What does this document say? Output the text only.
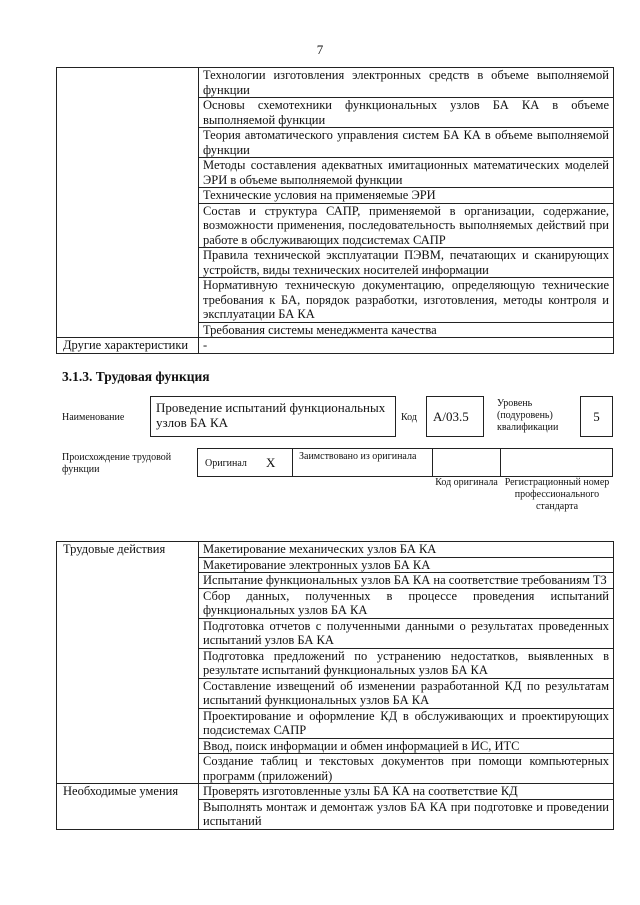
7
	Технологии изготовления электронных средств в объеме выполняемой функции
	Основы схемотехники функциональных узлов БА КА в объеме выполняемой функции
	Теория автоматического управления систем БА КА в объеме выполняемой функции
	Методы составления адекватных имитационных математических моделей ЭРИ в объеме выполняемой функции
	Технические условия на применяемые ЭРИ
	Состав и структура САПР, применяемой в организации, содержание, возможности применения, последовательность выполняемых действий при работе в обслуживающих подсистемах САПР
	Правила технической эксплуатации ПЭВМ, печатающих и сканирующих устройств, виды технических носителей информации
	Нормативную техническую документацию, определяющую технические требования к БА, порядок разработки, изготовления, методы контроля и эксплуатации БА КА
	Требования системы менеджмента качества
Другие характеристики	-
3.1.3. Трудовая функция
Наименование
Проведение испытаний функциональных узлов БА КА	Код А/03.5
Уровень (подуровень) квалификации
5
Происхождение трудовой функции
Оригинал X Заимствовано из оригинала
Код оригинала Регистрационный номер профессионального стандарта
Трудовые действия	Макетирование механических узлов БА КА
	Макетирование электронных узлов БА КА
	Испытание функциональных узлов БА КА на соответствие требованиям ТЗ
	Сбор данных, полученных в процессе проведения испытаний функциональных узлов БА КА
	Подготовка отчетов с полученными данными о результатах проведенных испытаний узлов БА КА
	Подготовка предложений по устранению недостатков, выявленных в результате испытаний функциональных узлов БА КА
	Составление извещений об изменении разработанной КД по результатам испытаний функциональных узлов БА КА
	Проектирование и оформление КД в обслуживающих и проектирующих подсистемах САПР
	Ввод, поиск информации и обмен информацией в ИС, ИТС
	Создание таблиц и текстовых документов при помощи компьютерных программ (приложений)
Необходимые умения	Проверять изготовленные узлы БА КА на соответствие КД
	Выполнять монтаж и демонтаж узлов БА КА при подготовке и проведении испытаний
